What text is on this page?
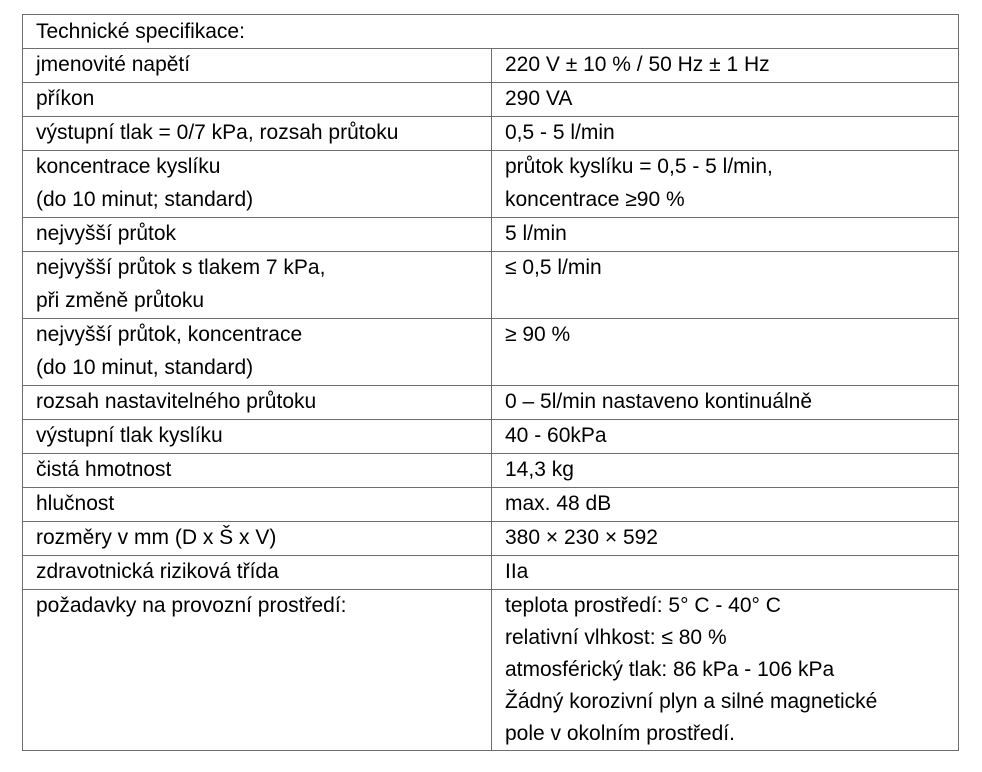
Technické specifikace:	

jmenovité napětí	220 V ± 10 % / 50 Hz ± 1 Hz

příkon	290 VA

výstupní tlak = 0/7 kPa, rozsah průtoku	0,5 - 5 l/min

koncentrace kyslíku
(do 10 minut; standard)	průtok kyslíku = 0,5 - 5 l/min,
koncentrace ≥90 %

nejvyšší průtok	5 l/min

nejvyšší průtok s tlakem 7 kPa,
při změně průtoku	≤ 0,5 l/min

nejvyšší průtok, koncentrace
(do 10 minut, standard)	≥ 90 %

rozsah nastavitelného průtoku	0 – 5l/min nastaveno kontinuálně

výstupní tlak kyslíku	40 - 60kPa

čistá hmotnost	14,3 kg

hlučnost	max. 48 dB

rozměry v mm (D x Š x V)	380 × 230 × 592

zdravotnická riziková třída	IIa

požadavky na provozní prostředí:	teplota prostředí: 5° C - 40° C
relativní vlhkost: ≤ 80 %
atmosférický tlak: 86 kPa - 106 kPa
Žádný korozivní plyn a silné magnetické
pole v okolním prostředí.
